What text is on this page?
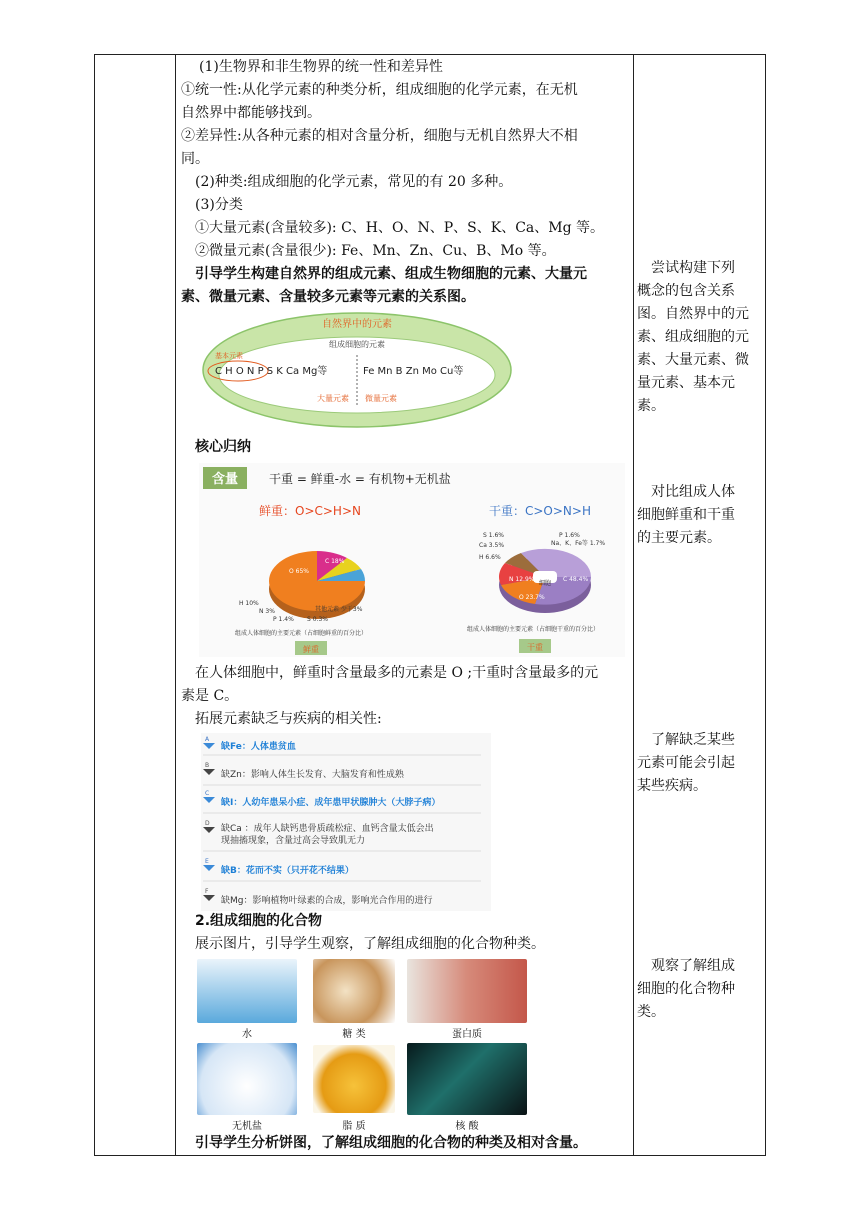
(1)生物界和非生物界的统一性和差异性
①统一性:从化学元素的种类分析，组成细胞的化学元素，在无机
自然界中都能够找到。
②差异性:从各种元素的相对含量分析，细胞与无机自然界大不相
同。
(2)种类:组成细胞的化学元素，常见的有 20 多种。
(3)分类
①大量元素(含量较多): C、H、O、N、P、S、K、Ca、Mg 等。
②微量元素(含量很少): Fe、Mn、Zn、Cu、B、Mo 等。
引导学生构建自然界的组成元素、组成生物细胞的元素、大量元
素、微量元素、含量较多元素等元素的关系图。
自然界中的元素
组成细胞的元素
基本元素
C H O N P S K Ca Mg等	Fe Mn B Zn Mo Cu等
大量元素 微量元素
核心归纳
含量	干重 = 鲜重-水 = 有机物+无机盐
鲜重：O>C>H>N	干重：C>O>N>H
O 65%
C 18%
H 10%
N 3%
P 1.4% S 0.3%
其他元素 少于3%
组成人体细胞的主要元素（占细胞鲜重的百分比）
鲜重
细胞
C 48.4%
O 23.7%
N 12.9%
H 6.6%
Ca 3.5%
S 1.6%	P 1.6%
Na、K、Fe等 1.7%
组成人体细胞的主要元素（占细胞干重的百分比）
干重
在人体细胞中，鲜重时含量最多的元素是 O ;干重时含量最多的元
素是 C。
拓展元素缺乏与疾病的相关性:
A
缺Fe：人体患贫血
B
缺Zn：影响人体生长发育、大脑发育和性成熟
C
缺Ⅰ：人幼年患呆小症、成年患甲状腺肿大（大脖子病）
D
缺Ca ：成年人缺钙患骨质疏松症、血钙含量太低会出
现抽搐现象，含量过高会导致肌无力
E
缺B：花而不实（只开花不结果）
F
缺Mg：影响植物叶绿素的合成，影响光合作用的进行
2.组成细胞的化合物
展示图片，引导学生观察，了解组成细胞的化合物种类。
水	糖 类	蛋白质
无机盐	脂 质	核 酸
引导学生分析饼图，了解组成细胞的化合物的种类及相对含量。
尝试构建下列
概念的包含关系
图。自然界中的元
素、组成细胞的元
素、大量元素、微
量元素、基本元
素。
对比组成人体
细胞鲜重和干重
的主要元素。
了解缺乏某些
元素可能会引起
某些疾病。
观察了解组成
细胞的化合物种
类。
